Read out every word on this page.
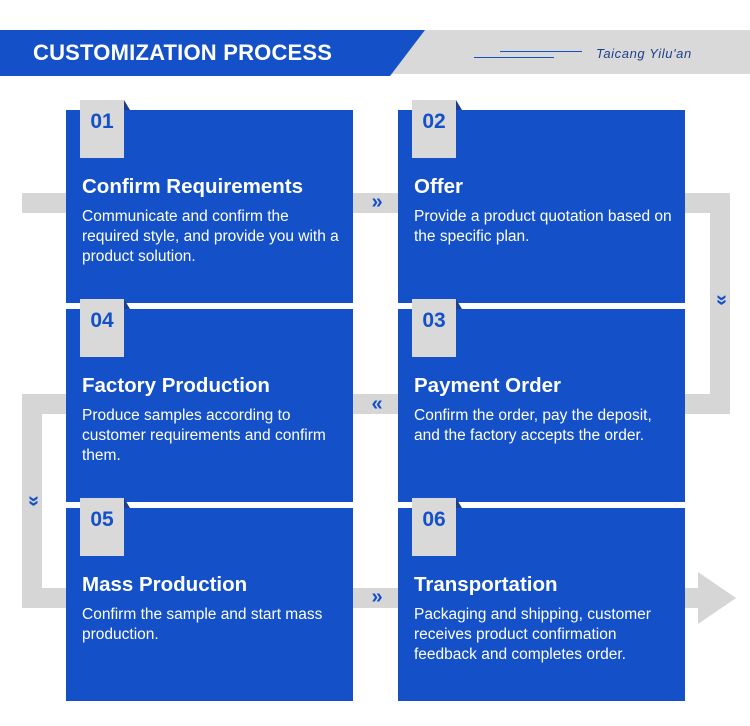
CUSTOMIZATION PROCESS	Taicang Yilu'an
»
»
«
»
»
01
Confirm Requirements
Communicate and confirm the required style, and provide you with a product solution.
02
Offer
Provide a product quotation based on the specific plan.
04
Factory Production
Produce samples according to customer requirements and confirm them.
03
Payment Order
Confirm the order, pay the deposit, and the factory accepts the order.
05
Mass Production
Confirm the sample and start mass production.
06
Transportation
Packaging and shipping, customer receives product confirmation feedback and completes order.
